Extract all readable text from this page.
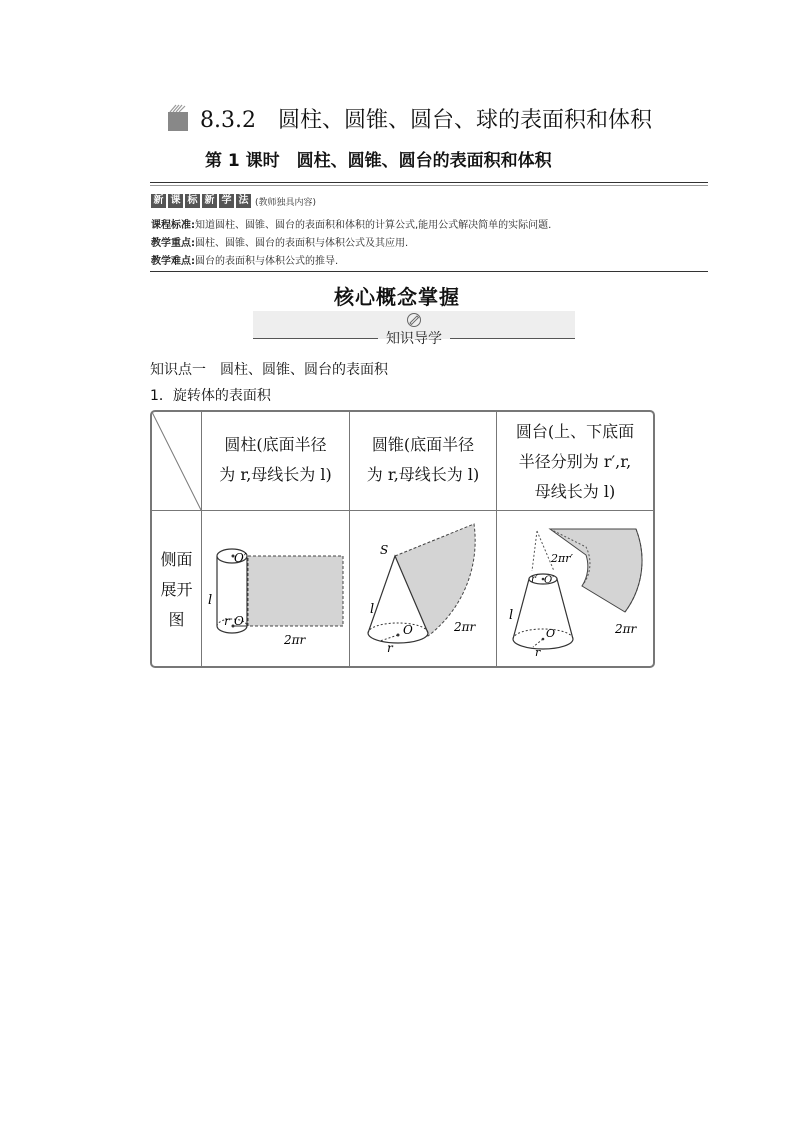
8.3.2　圆柱、圆锥、圆台、球的表面积和体积
第 1 课时　圆柱、圆锥、圆台的表面积和体积
新 课 标 新 学 法 (教师独具内容)
课程标准:知道圆柱、圆锥、圆台的表面积和体积的计算公式,能用公式解决简单的实际问题.
教学重点:圆柱、圆锥、圆台的表面积与体积公式及其应用.
教学难点:圆台的表面积与体积公式的推导.
核心概念掌握
知识导学
知识点一　圆柱、圆锥、圆台的表面积
1．旋转体的表面积
圆柱(底面半径
为 r,母线长为 l)
圆锥(底面半径
为 r,母线长为 l)
圆台(上、下底面
半径分别为 r′,r,
母线长为 l)
侧面
展开
图
O′
O
r
l
2πr
S
l
O
r
2πr
2πr′
r′ O′
l
O
r
2πr
